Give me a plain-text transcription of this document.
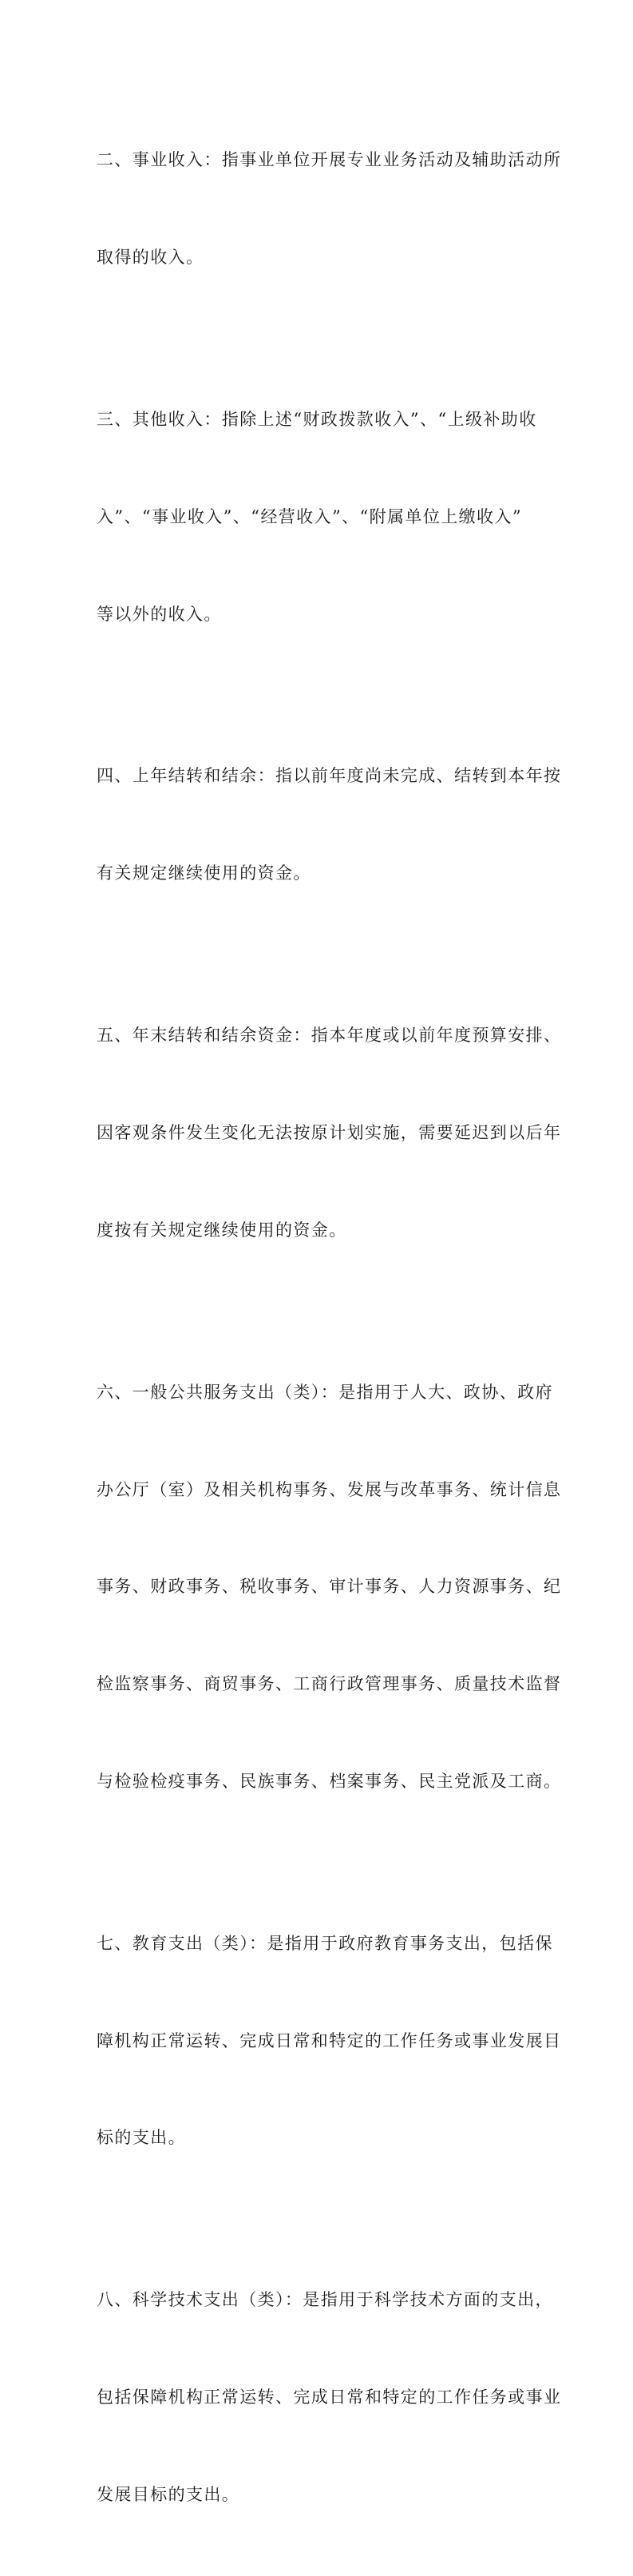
二、事业收入：指事业单位开展专业业务活动及辅助活动所

取得的收入。

三、其他收入：指除上述“财政拨款收入”、“上级补助收

入”、“事业收入”、“经营收入”、“附属单位上缴收入”

等以外的收入。

四、上年结转和结余：指以前年度尚未完成、结转到本年按

有关规定继续使用的资金。

五、年末结转和结余资金：指本年度或以前年度预算安排、

因客观条件发生变化无法按原计划实施，需要延迟到以后年

度按有关规定继续使用的资金。

六、一般公共服务支出（类）：是指用于人大、政协、政府

办公厅（室）及相关机构事务、发展与改革事务、统计信息

事务、财政事务、税收事务、审计事务、人力资源事务、纪

检监察事务、商贸事务、工商行政管理事务、质量技术监督

与检验检疫事务、民族事务、档案事务、民主党派及工商。

七、教育支出（类）：是指用于政府教育事务支出，包括保

障机构正常运转、完成日常和特定的工作任务或事业发展目

标的支出。

八、科学技术支出（类）：是指用于科学技术方面的支出，

包括保障机构正常运转、完成日常和特定的工作任务或事业

发展目标的支出。
